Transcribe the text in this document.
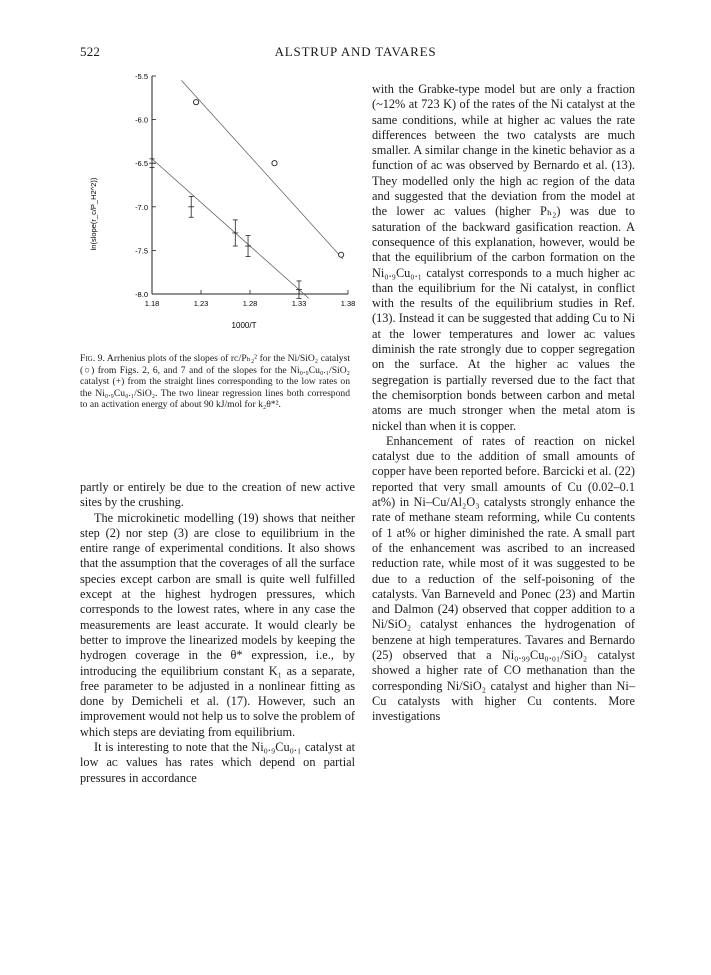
522	ALSTRUP AND TAVARES
-5.5
-6.0
-6.5
-7.0
-7.5
-8.0
1.18	1.23	1.28	1.33	1.38
1000/T
ln(slope(r_c/P_H2^2))
Fig. 9. Arrhenius plots of the slopes of rᴄ/Pₕ₂² for the Ni/SiO₂ catalyst (○) from Figs. 2, 6, and 7 and of the slopes for the Ni₀.₉Cu₀.₁/SiO₂ catalyst (+) from the straight lines corresponding to the low rates on the Ni₀.₉Cu₀.₁/SiO₂. The two linear regression lines both correspond to an activation energy of about 90 kJ/mol for k₂θ*².

partly or entirely be due to the creation of new active sites by the crushing.

The microkinetic modelling (19) shows that neither step (2) nor step (3) are close to equilibrium in the entire range of experimental conditions. It also shows that the assumption that the coverages of all the surface species except carbon are small is quite well fulfilled except at the highest hydrogen pressures, which corresponds to the lowest rates, where in any case the measurements are least accurate. It would clearly be better to improve the linearized models by keeping the hydrogen coverage in the θ* expression, i.e., by introducing the equilibrium constant K₁ as a separate, free parameter to be adjusted in a nonlinear fitting as done by Demicheli et al. (17). However, such an improvement would not help us to solve the problem of which steps are deviating from equilibrium.

It is interesting to note that the Ni₀.₉Cu₀.₁ catalyst at low aᴄ values has rates which depend on partial pressures in accordance

with the Grabke-type model but are only a fraction (~12% at 723 K) of the rates of the Ni catalyst at the same conditions, while at higher aᴄ values the rate differences between the two catalysts are much smaller. A similar change in the kinetic behavior as a function of aᴄ was observed by Bernardo et al. (13). They modelled only the high aᴄ region of the data and suggested that the deviation from the model at the lower aᴄ values (higher Pₕ₂) was due to saturation of the backward gasification reaction. A consequence of this explanation, however, would be that the equilibrium of the carbon formation on the Ni₀.₉Cu₀.₁ catalyst corresponds to a much higher aᴄ than the equilibrium for the Ni catalyst, in conflict with the results of the equilibrium studies in Ref. (13). Instead it can be suggested that adding Cu to Ni at the lower temperatures and lower aᴄ values diminish the rate strongly due to copper segregation on the surface. At the higher aᴄ values the segregation is partially reversed due to the fact that the chemisorption bonds between carbon and metal atoms are much stronger when the metal atom is nickel than when it is copper.

Enhancement of rates of reaction on nickel catalyst due to the addition of small amounts of copper have been reported before. Barcicki et al. (22) reported that very small amounts of Cu (0.02–0.1 at%) in Ni–Cu/Al₂O₃ catalysts strongly enhance the rate of methane steam reforming, while Cu contents of 1 at% or higher diminished the rate. A small part of the enhancement was ascribed to an increased reduction rate, while most of it was suggested to be due to a reduction of the self-poisoning of the catalysts. Van Barneveld and Ponec (23) and Martin and Dalmon (24) observed that copper addition to a Ni/SiO₂ catalyst enhances the hydrogenation of benzene at high temperatures. Tavares and Bernardo (25) observed that a Ni₀.₉₉Cu₀.₀₁/SiO₂ catalyst showed a higher rate of CO methanation than the corresponding Ni/SiO₂ catalyst and higher than Ni–Cu catalysts with higher Cu contents. More investigations
